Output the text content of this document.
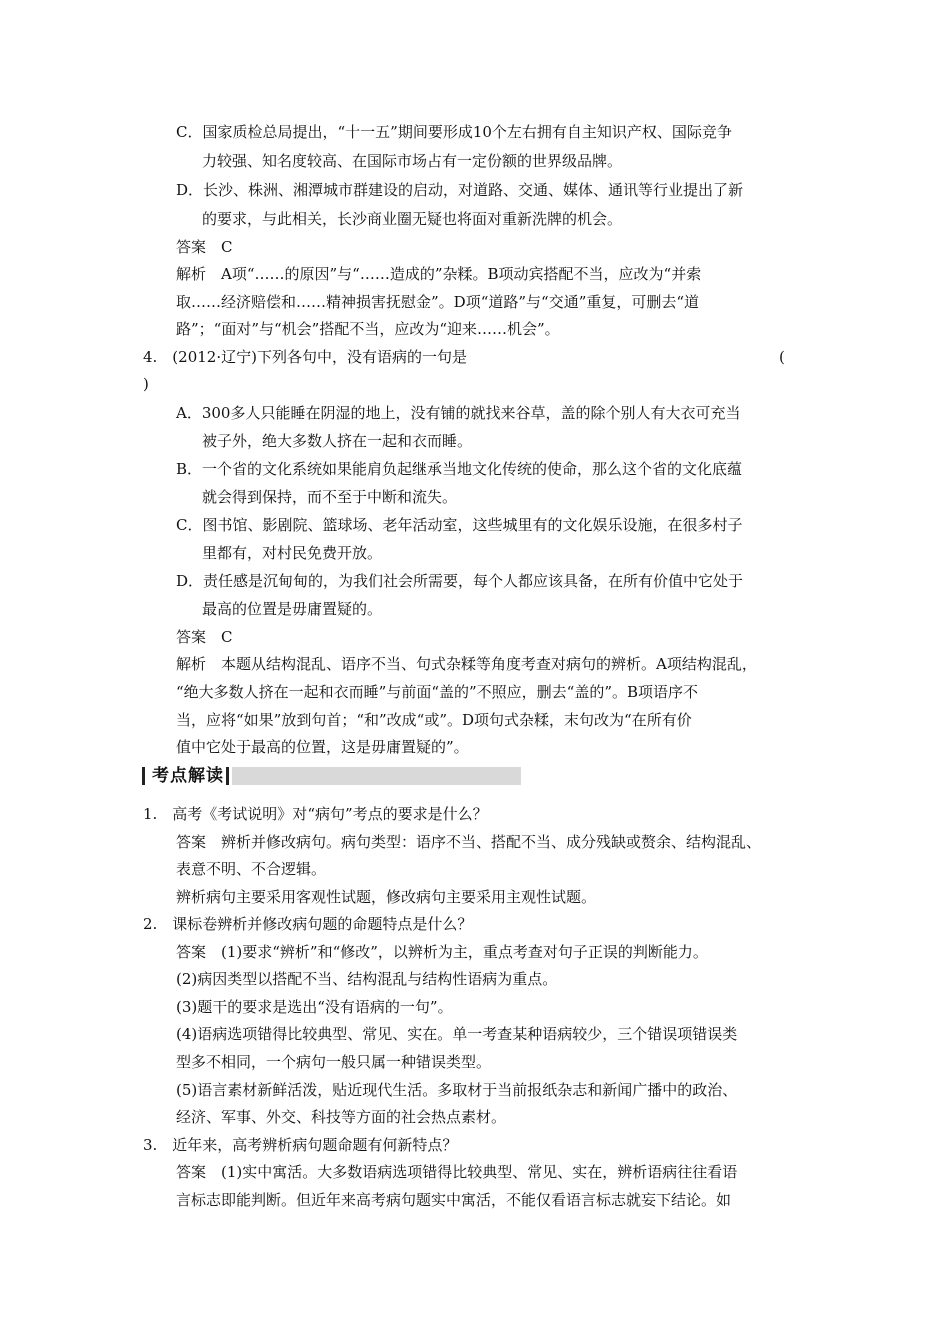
C．国家质检总局提出，“十一五”期间要形成10个左右拥有自主知识产权、国际竞争
力较强、知名度较高、在国际市场占有一定份额的世界级品牌。
D．长沙、株洲、湘潭城市群建设的启动，对道路、交通、媒体、通讯等行业提出了新
的要求，与此相关，长沙商业圈无疑也将面对重新洗牌的机会。
答案　C
解析　A项“……的原因”与“……造成的”杂糅。B项动宾搭配不当，应改为“并索
取……经济赔偿和……精神损害抚慰金”。D项“道路”与“交通”重复，可删去“道
路”；“面对”与“机会”搭配不当，应改为“迎来……机会”。
4.　(2012·辽宁)下列各句中，没有语病的一句是	(
)
A．300多人只能睡在阴湿的地上，没有铺的就找来谷草，盖的除个别人有大衣可充当
被子外，绝大多数人挤在一起和衣而睡。
B．一个省的文化系统如果能肩负起继承当地文化传统的使命，那么这个省的文化底蕴
就会得到保持，而不至于中断和流失。
C．图书馆、影剧院、篮球场、老年活动室，这些城里有的文化娱乐设施，在很多村子
里都有，对村民免费开放。
D．责任感是沉甸甸的，为我们社会所需要，每个人都应该具备，在所有价值中它处于
最高的位置是毋庸置疑的。
答案　C
解析　本题从结构混乱、语序不当、句式杂糅等角度考查对病句的辨析。A项结构混乱，
“绝大多数人挤在一起和衣而睡”与前面“盖的”不照应，删去“盖的”。B项语序不
当，应将“如果”放到句首；“和”改成“或”。D项句式杂糅，末句改为“在所有价
值中它处于最高的位置，这是毋庸置疑的”。
考点解读
1.　高考《考试说明》对“病句”考点的要求是什么？
答案　辨析并修改病句。病句类型：语序不当、搭配不当、成分残缺或赘余、结构混乱、
表意不明、不合逻辑。
辨析病句主要采用客观性试题，修改病句主要采用主观性试题。
2.　课标卷辨析并修改病句题的命题特点是什么？
答案　(1)要求“辨析”和“修改”，以辨析为主，重点考查对句子正误的判断能力。
(2)病因类型以搭配不当、结构混乱与结构性语病为重点。
(3)题干的要求是选出“没有语病的一句”。
(4)语病选项错得比较典型、常见、实在。单一考查某种语病较少，三个错误项错误类
型多不相同，一个病句一般只属一种错误类型。
(5)语言素材新鲜活泼，贴近现代生活。多取材于当前报纸杂志和新闻广播中的政治、
经济、军事、外交、科技等方面的社会热点素材。
3.　近年来，高考辨析病句题命题有何新特点？
答案　(1)实中寓活。大多数语病选项错得比较典型、常见、实在，辨析语病往往看语
言标志即能判断。但近年来高考病句题实中寓活，不能仅看语言标志就妄下结论。如
